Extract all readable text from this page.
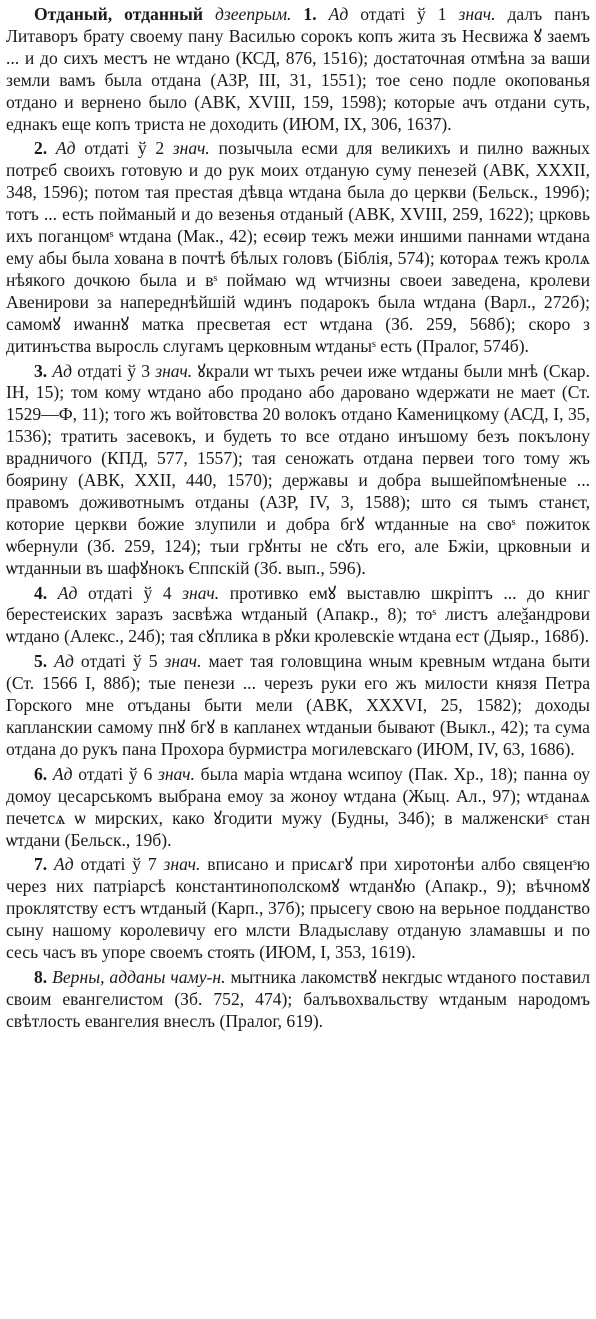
Отданый, отданный дзеепрым. 1. Ад отдаті ў 1 знач. далъ панъ Литаворъ брату своему пану Василью сорокъ копъ жита зъ Несвижа ꙋ заемъ ... и до сихъ местъ не ѡтдано (КСД, 876, 1516); достаточная отмѣна за ваши земли вамъ была отдана (АЗР, III, 31, 1551); тое сено подле окопованья отдано и вернено было (АВК, XVIII, 159, 1598); которые ачъ отдани суть, еднакъ еще копъ триста не доходить (ИЮМ, IX, 306, 1637).

2. Ад отдаті ў 2 знач. позычыла есми для великихъ и пилно важных потрєб своихъ готовую и до рук моих отданую суму пенезей (АВК, XXXII, 348, 1596); потом тая престая дѣвца ѡтдана была до церкви (Бельск., 199б); тотъ ... есть пойманый и до везенья отданый (АВК, XVIII, 259, 1622); црковь ихъ поганцомˢ ѡтдана (Мак., 42); есѳир тежъ межи иншими паннами ѡтдана ему абы была хована в почтѣ бѣлых головъ (Біблія, 574); котораѧ тежъ кролѧ нѣякого дочкою была и вˢ поймаю ѡд ѡтчизны своеи заведена, кролеви Авенирови за напереднѣйшій ѡдинъ подарокъ была ѡтдана (Варл., 272б); самомꙋ иѡаннꙋ матка пресветая ест ѡтдана (Зб. 259, 568б); скоро з дитинъства выросль слугамъ церковным ѡтданыˢ есть (Пралог, 574б).

3. Ад отдаті ў 3 знач. ꙋкрали ѡт тыхъ речеи иже ѡтданы были мнѣ (Скар. ІН, 15); том кому ѡтдано або продано або даровано ѡдержати не мает (Ст. 1529—Ф, 11); того жъ войтовства 20 волокъ отдано Каменицкому (АСД, I, 35, 1536); тратить засевокъ, и будеть то все отдано инъшому безъ покълону врадничого (КПД, 577, 1557); тая сеножать отдана первеи того тому жъ боярину (АВК, XXII, 440, 1570); державы и добра вышейпомѣненые ... правомъ доживотнымъ отданы (АЗР, IV, 3, 1588); што ся тымъ станєт, которие церкви божие злупили и добра бгꙋ ѡтданные на своˢ пожиток ѡбернули (Зб. 259, 124); тыи грꙋнты не сꙋть его, але Бжіи, црковныи и ѡтданныи въ шафꙋнокъ Єппскій (Зб. вып., 596).

4. Ад отдаті ў 4 знач. противко емꙋ выставлю шкріптъ ... до книг берестеиских заразъ засвѣжа ѡтданый (Апакр., 8); тоˢ листъ алеѯандрови ѡтдано (Алекс., 24б); тая сꙋплика в рꙋки кролевскіе ѡтдана ест (Дыяр., 168б).

5. Ад отдаті ў 5 знач. мает тая головщина ѡным кревным ѡтдана быти (Ст. 1566 I, 88б); тые пенези ... черезъ руки его жъ милости князя Петра Горского мне отъданы быти мели (АВК, XXXVI, 25, 1582); доходы капланскии самому пнꙋ бгꙋ в капланех ѡтданыи бывают (Выкл., 42); та сума отдана до рукъ пана Прохора бурмистра могилевскаго (ИЮМ, IV, 63, 1686).

6. Ад отдаті ў 6 знач. была маріа ѡтдана ѡсипоу (Пак. Хр., 18); панна оу домоу цесарськомъ выбрана емоу за жоноу ѡтдана (Жыц. Ал., 97); ѡтданаѧ печетсѧ ѡ мирских, како ꙋгодити мужу (Будны, 34б); в малженскиˢ стан ѡтдани (Бельск., 19б).

7. Ад отдаті ў 7 знач. вписано и присѧгꙋ при хиротонѣи албо свяценˢю через них патріарсѣ константинополскомꙋ ѡтданꙋю (Апакр., 9); вѣчномꙋ проклятству естъ ѡтданый (Карп., 37б); прысегу свою на верьное подданство сыну нашому королевичу его млсти Владыславу отданую зламавшы и по сесь часъ въ упоре своемъ стоять (ИЮМ, I, 353, 1619).

8. Верны, адданы чаму-н. мытника лакомствꙋ некгдыс ѡтданого поставил своим евангелистом (Зб. 752, 474); балъвохвальству ѡтданым народомъ свѣтлость евангелия внеслъ (Пралог, 619).
